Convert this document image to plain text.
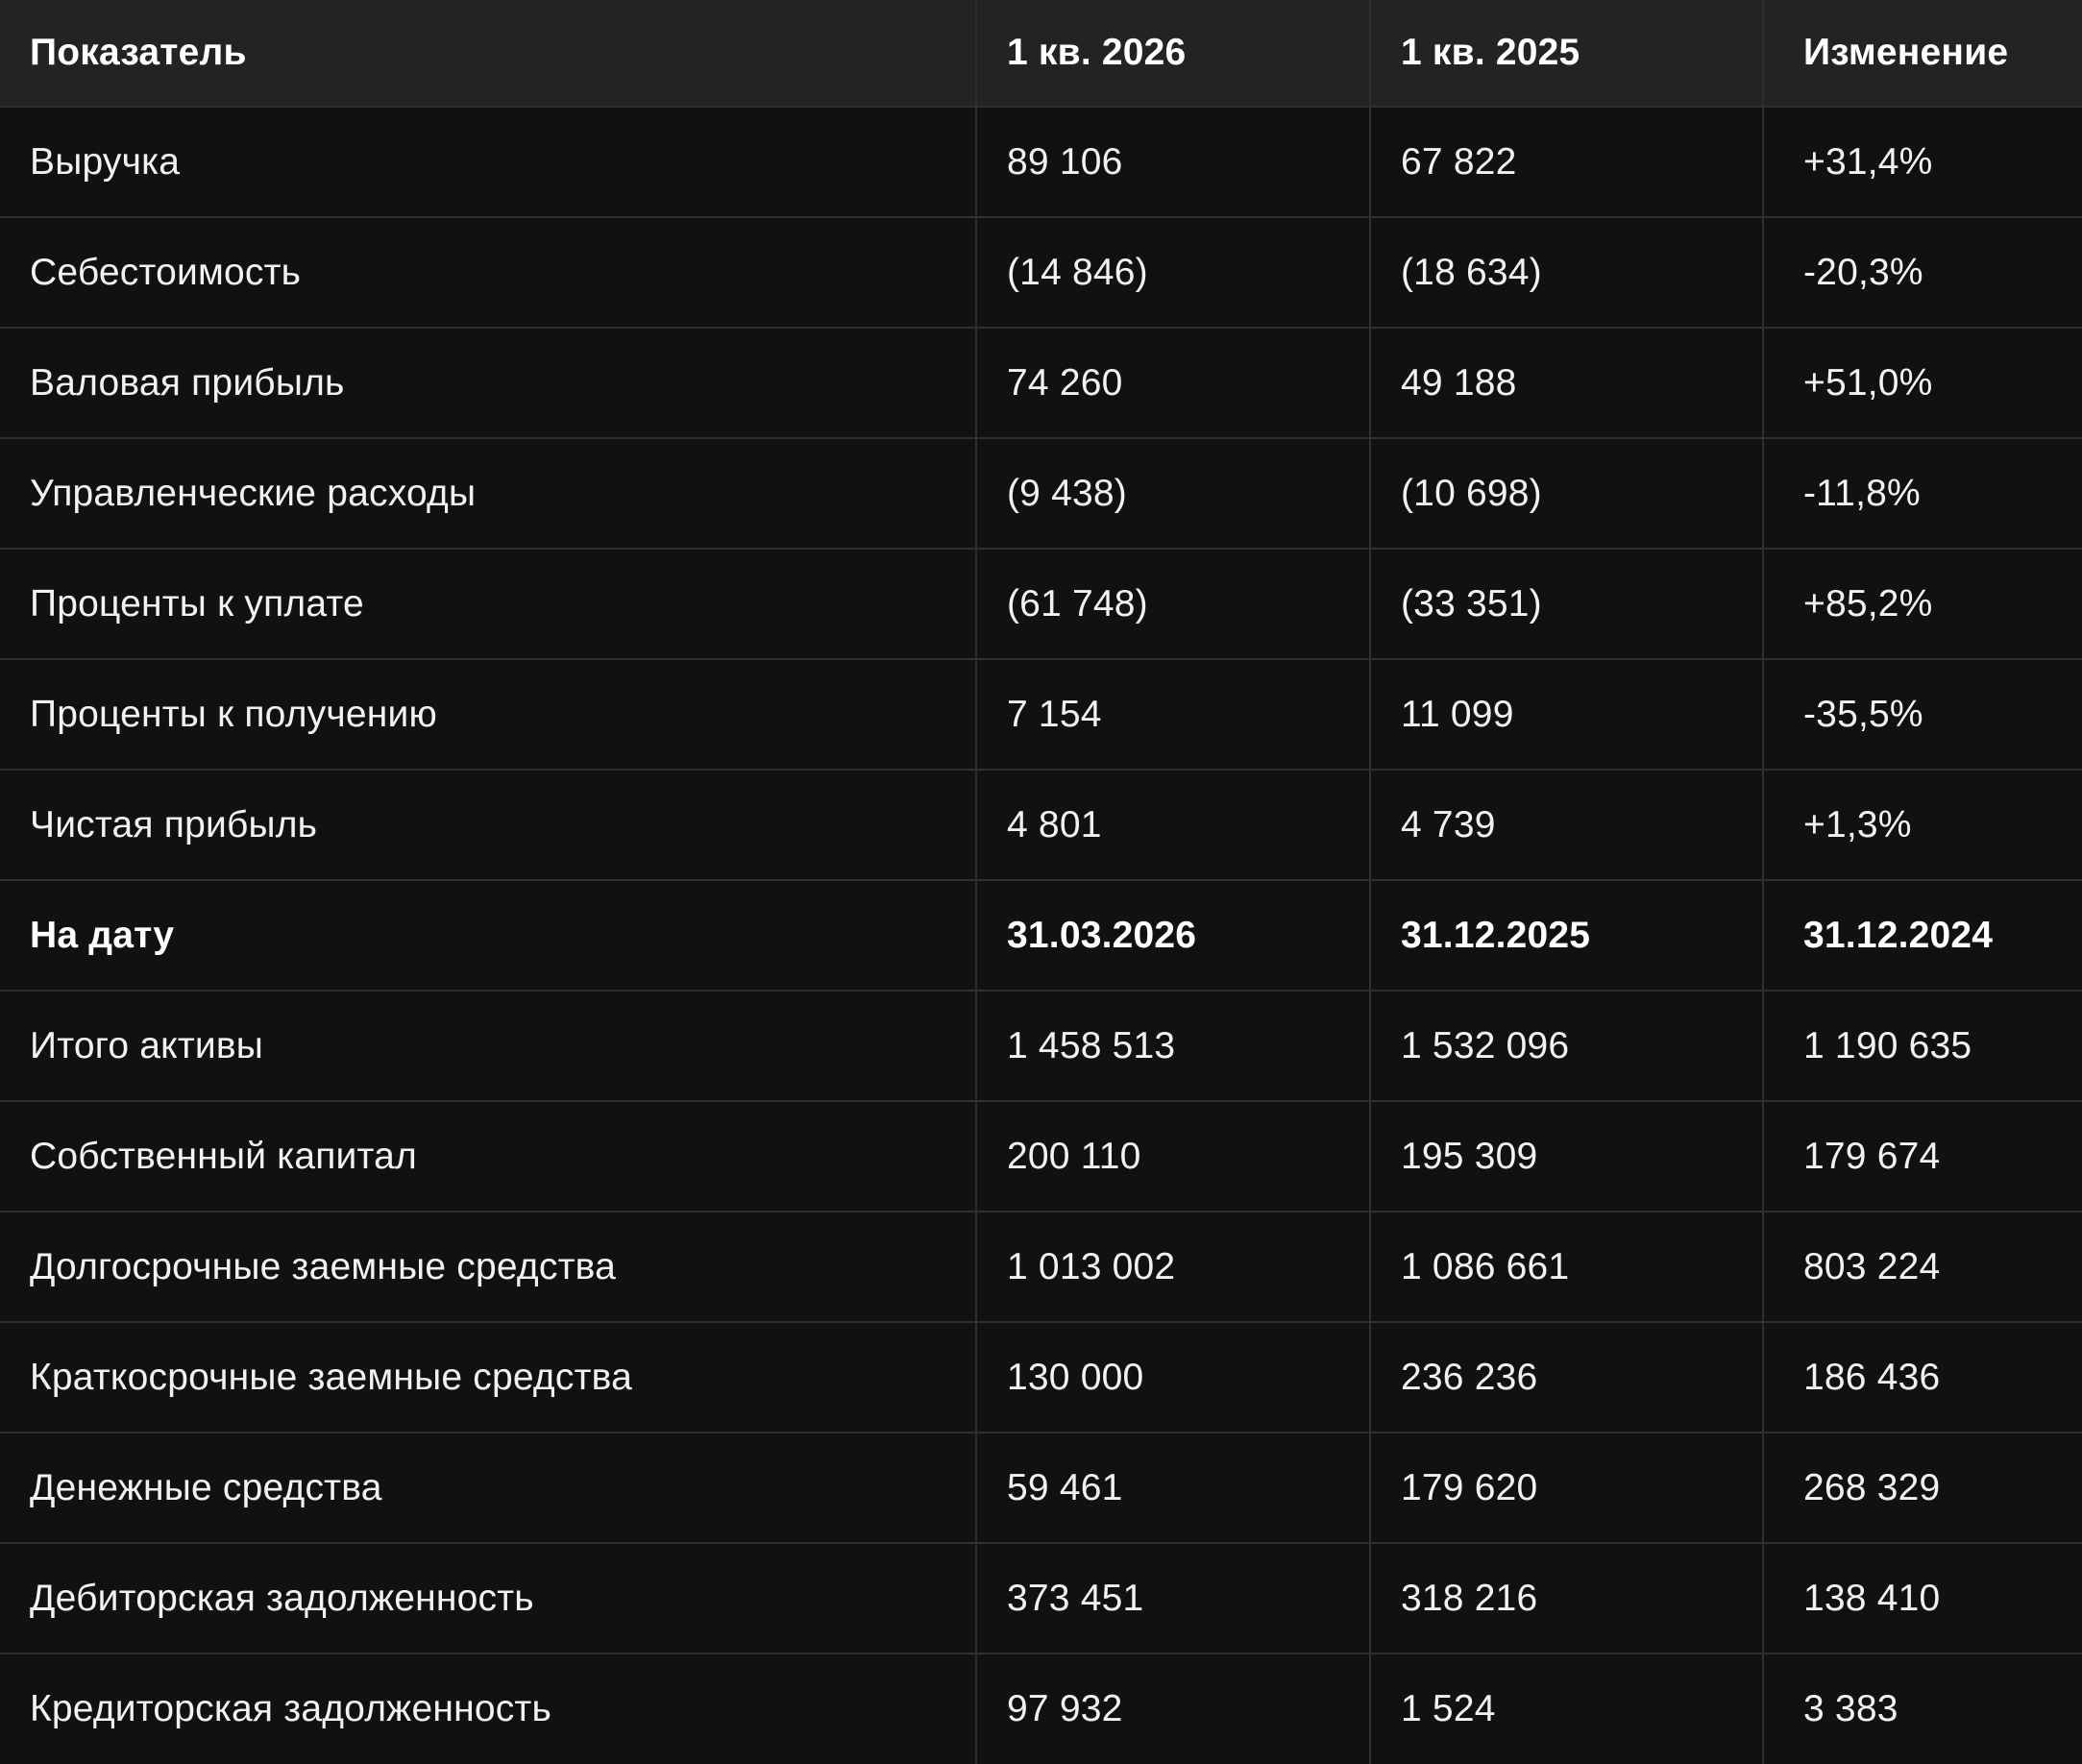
Показатель	1 кв. 2026	1 кв. 2025	Изменение
Выручка	89 106	67 822	+31,4%
Себестоимость	(14 846)	(18 634)	-20,3%
Валовая прибыль	74 260	49 188	+51,0%
Управленческие расходы	(9 438)	(10 698)	-11,8%
Проценты к уплате	(61 748)	(33 351)	+85,2%
Проценты к получению	7 154	11 099	-35,5%
Чистая прибыль	4 801	4 739	+1,3%
На дату	31.03.2026	31.12.2025	31.12.2024
Итого активы	1 458 513	1 532 096	1 190 635
Собственный капитал	200 110	195 309	179 674
Долгосрочные заемные средства	1 013 002	1 086 661	803 224
Краткосрочные заемные средства	130 000	236 236	186 436
Денежные средства	59 461	179 620	268 329
Дебиторская задолженность	373 451	318 216	138 410
Кредиторская задолженность	97 932	1 524	3 383
